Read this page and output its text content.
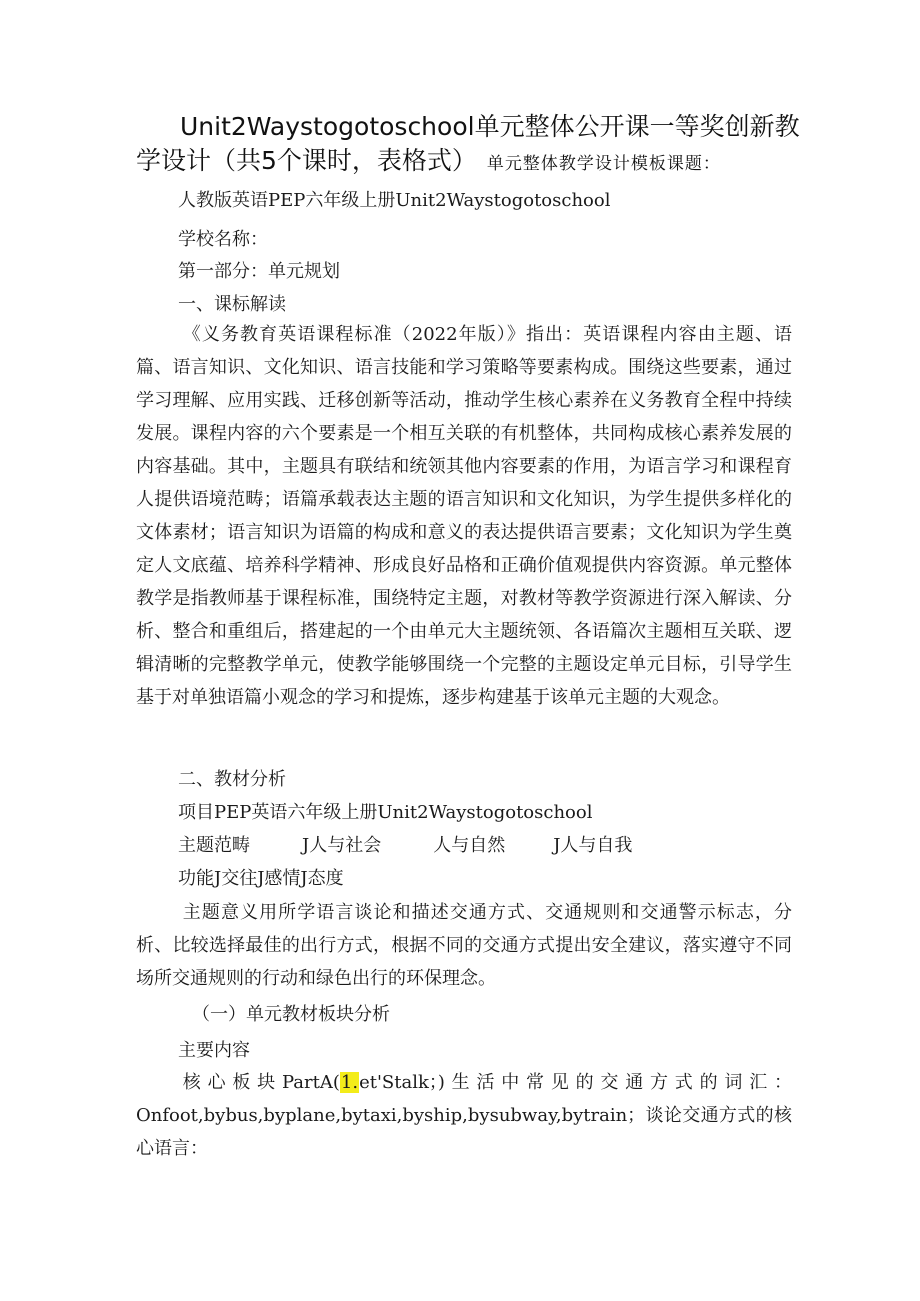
Unit2Waystogotoschool单元整体公开课一等奖创新教
学设计（共5个课时，表格式） 单元整体教学设计模板课题：
人教版英语PEP六年级上册Unit2Waystogotoschool
学校名称：
第一部分：单元规划
一、课标解读

《义务教育英语课程标准（2022年版）》指出：英语课程内容由主题、语篇、语言知识、文化知识、语言技能和学习策略等要素构成。围绕这些要素，通过学习理解、应用实践、迁移创新等活动，推动学生核心素养在义务教育全程中持续发展。课程内容的六个要素是一个相互关联的有机整体，共同构成核心素养发展的内容基础。其中，主题具有联结和统领其他内容要素的作用，为语言学习和课程育人提供语境范畴；语篇承载表达主题的语言知识和文化知识，为学生提供多样化的文体素材；语言知识为语篇的构成和意义的表达提供语言要素；文化知识为学生奠定人文底蕴、培养科学精神、形成良好品格和正确价值观提供内容资源。单元整体教学是指教师基于课程标准，围绕特定主题，对教材等教学资源进行深入解读、分析、整合和重组后，搭建起的一个由单元大主题统领、各语篇次主题相互关联、逻辑清晰的完整教学单元，使教学能够围绕一个完整的主题设定单元目标，引导学生基于对单独语篇小观念的学习和提炼，逐步构建基于该单元主题的大观念。

二、教材分析
项目PEP英语六年级上册Unit2Waystogotoschool
主题范畴	J人与社会	人与自然	J人与自我
功能J交往J感情J态度

主题意义用所学语言谈论和描述交通方式、交通规则和交通警示标志，分析、比较选择最佳的出行方式，根据不同的交通方式提出安全建议，落实遵守不同场所交通规则的行动和绿色出行的环保理念。

（一）单元教材板块分析
主要内容

核心板块PartA(1.et'Stalk；)生活中常见的交通方式的词汇：Onfoot,bybus,byplane,bytaxi,byship,bysubway,bytrain；谈论交通方式的核心语言：
